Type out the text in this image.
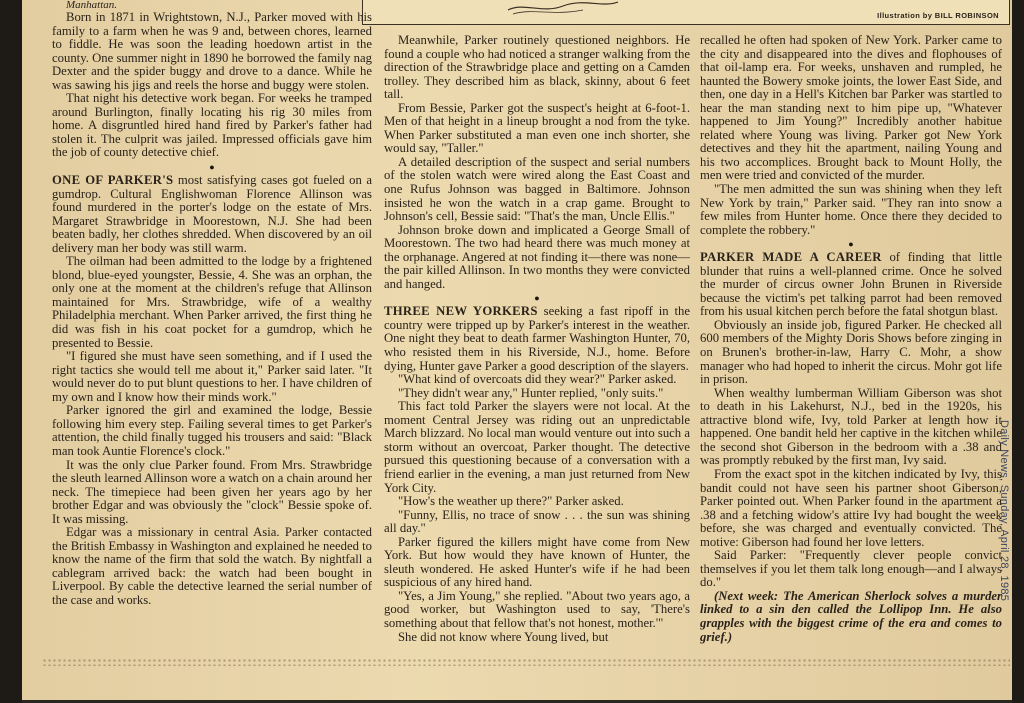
Illustration by BILL ROBINSON

Manhattan.

Born in 1871 in Wrightstown, N.J., Parker moved with his family to a farm when he was 9 and, between chores, learned to fiddle. He was soon the leading hoedown artist in the county. One summer night in 1890 he borrowed the family nag Dexter and the spider buggy and drove to a dance. While he was sawing his jigs and reels the horse and buggy were stolen.

That night his detective work began. For weeks he tramped around Burlington, finally locating his rig 30 miles from home. A disgruntled hired hand fired by Parker's father had stolen it. The culprit was jailed. Impressed officials gave him the job of county detective chief.

●

ONE OF PARKER'S most satisfying cases got fueled on a gumdrop. Cultural Englishwoman Florence Allinson was found murdered in the porter's lodge on the estate of Mrs. Margaret Strawbridge in Moorestown, N.J. She had been beaten badly, her clothes shredded. When discovered by an oil delivery man her body was still warm.

The oilman had been admitted to the lodge by a frightened blond, blue-eyed youngster, Bessie, 4. She was an orphan, the only one at the moment at the children's refuge that Allinson maintained for Mrs. Strawbridge, wife of a wealthy Philadelphia merchant. When Parker arrived, the first thing he did was fish in his coat pocket for a gumdrop, which he presented to Bessie.

"I figured she must have seen something, and if I used the right tactics she would tell me about it," Parker said later. "It would never do to put blunt questions to her. I have children of my own and I know how their minds work."

Parker ignored the girl and examined the lodge, Bessie following him every step. Failing several times to get Parker's attention, the child finally tugged his trousers and said: "Black man took Auntie Florence's clock."

It was the only clue Parker found. From Mrs. Strawbridge the sleuth learned Allinson wore a watch on a chain around her neck. The timepiece had been given her years ago by her brother Edgar and was obviously the "clock" Bessie spoke of. It was missing.

Edgar was a missionary in central Asia. Parker contacted the British Embassy in Washington and explained he needed to know the name of the firm that sold the watch. By nightfall a cablegram arrived back: the watch had been bought in Liverpool. By cable the detective learned the serial number of the case and works.

Meanwhile, Parker routinely questioned neighbors. He found a couple who had noticed a stranger walking from the direction of the Strawbridge place and getting on a Camden trolley. They described him as black, skinny, about 6 feet tall.

From Bessie, Parker got the suspect's height at 6-foot-1. Men of that height in a lineup brought a nod from the tyke. When Parker substituted a man even one inch shorter, she would say, "Taller."

A detailed description of the suspect and serial numbers of the stolen watch were wired along the East Coast and one Rufus Johnson was bagged in Baltimore. Johnson insisted he won the watch in a crap game. Brought to Johnson's cell, Bessie said: "That's the man, Uncle Ellis."

Johnson broke down and implicated a George Small of Moorestown. The two had heard there was much money at the orphanage. Angered at not finding it—there was none—the pair killed Allinson. In two months they were convicted and hanged.

●

THREE NEW YORKERS seeking a fast ripoff in the country were tripped up by Parker's interest in the weather. One night they beat to death farmer Washington Hunter, 70, who resisted them in his Riverside, N.J., home. Before dying, Hunter gave Parker a good description of the slayers.

"What kind of overcoats did they wear?" Parker asked.

"They didn't wear any," Hunter replied, "only suits."

This fact told Parker the slayers were not local. At the moment Central Jersey was riding out an unpredictable March blizzard. No local man would venture out into such a storm without an overcoat, Parker thought. The detective pursued this questioning because of a conversation with a friend earlier in the evening, a man just returned from New York City.

"How's the weather up there?" Parker asked.

"Funny, Ellis, no trace of snow . . . the sun was shining all day."

Parker figured the killers might have come from New York. But how would they have known of Hunter, the sleuth wondered. He asked Hunter's wife if he had been suspicious of any hired hand.

"Yes, a Jim Young," she replied. "About two years ago, a good worker, but Washington used to say, 'There's something about that fellow that's not honest, mother.'"

She did not know where Young lived, but

recalled he often had spoken of New York. Parker came to the city and disappeared into the dives and flophouses of that oil-lamp era. For weeks, unshaven and rumpled, he haunted the Bowery smoke joints, the lower East Side, and then, one day in a Hell's Kitchen bar Parker was startled to hear the man standing next to him pipe up, "Whatever happened to Jim Young?" Incredibly another habitue related where Young was living. Parker got New York detectives and they hit the apartment, nailing Young and his two accomplices. Brought back to Mount Holly, the men were tried and convicted of the murder.

"The men admitted the sun was shining when they left New York by train," Parker said. "They ran into snow a few miles from Hunter home. Once there they decided to complete the robbery."

●

PARKER MADE A CAREER of finding that little blunder that ruins a well-planned crime. Once he solved the murder of circus owner John Brunen in Riverside because the victim's pet talking parrot had been removed from his usual kitchen perch before the fatal shotgun blast.

Obviously an inside job, figured Parker. He checked all 600 members of the Mighty Doris Shows before zinging in on Brunen's brother-in-law, Harry C. Mohr, a show manager who had hoped to inherit the circus. Mohr got life in prison.

When wealthy lumberman William Giberson was shot to death in his Lakehurst, N.J., bed in the 1920s, his attractive blond wife, Ivy, told Parker at length how it happened. One bandit held her captive in the kitchen while the second shot Giberson in the bedroom with a .38 and was promptly rebuked by the first man, Ivy said.

From the exact spot in the kitchen indicated by Ivy, this bandit could not have seen his partner shoot Giberson, Parker pointed out. When Parker found in the apartment a .38 and a fetching widow's attire Ivy had bought the week before, she was charged and eventually convicted. The motive: Giberson had found her love letters.

Said Parker: "Frequently clever people convict themselves if you let them talk long enough—and I always do."

(Next week: The American Sherlock solves a murder linked to a sin den called the Lollipop Inn. He also grapples with the biggest crime of the era and comes to grief.)

Daily News, Sunday, April 28, 1985
